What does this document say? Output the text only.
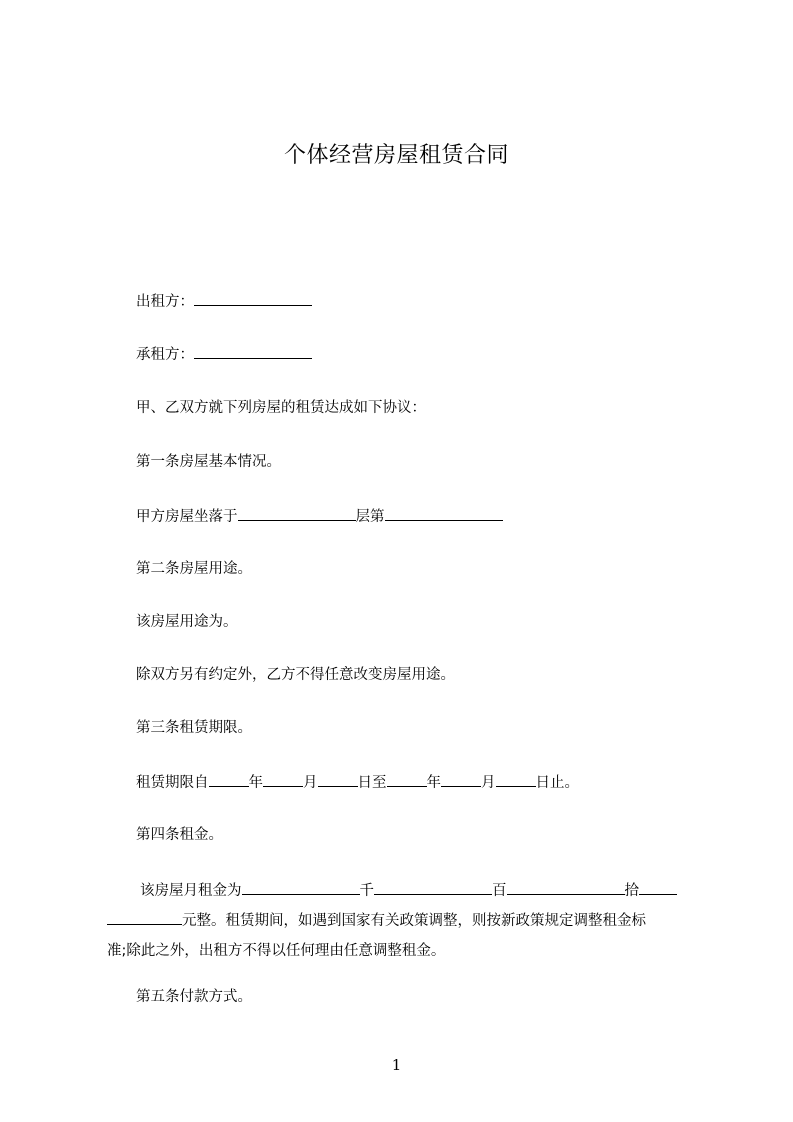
个体经营房屋租赁合同
出租方：
承租方：
甲、乙双方就下列房屋的租赁达成如下协议：
第一条房屋基本情况。
甲方房屋坐落于	层第
第二条房屋用途。
该房屋用途为。
除双方另有约定外，乙方不得任意改变房屋用途。
第三条租赁期限。
租赁期限自	年	月	日至	年	月	日止。
第四条租金。
该房屋月租金为	千	百	拾
元整。租赁期间，如遇到国家有关政策调整，则按新政策规定调整租金标
准;除此之外，出租方不得以任何理由任意调整租金。
第五条付款方式。
1
